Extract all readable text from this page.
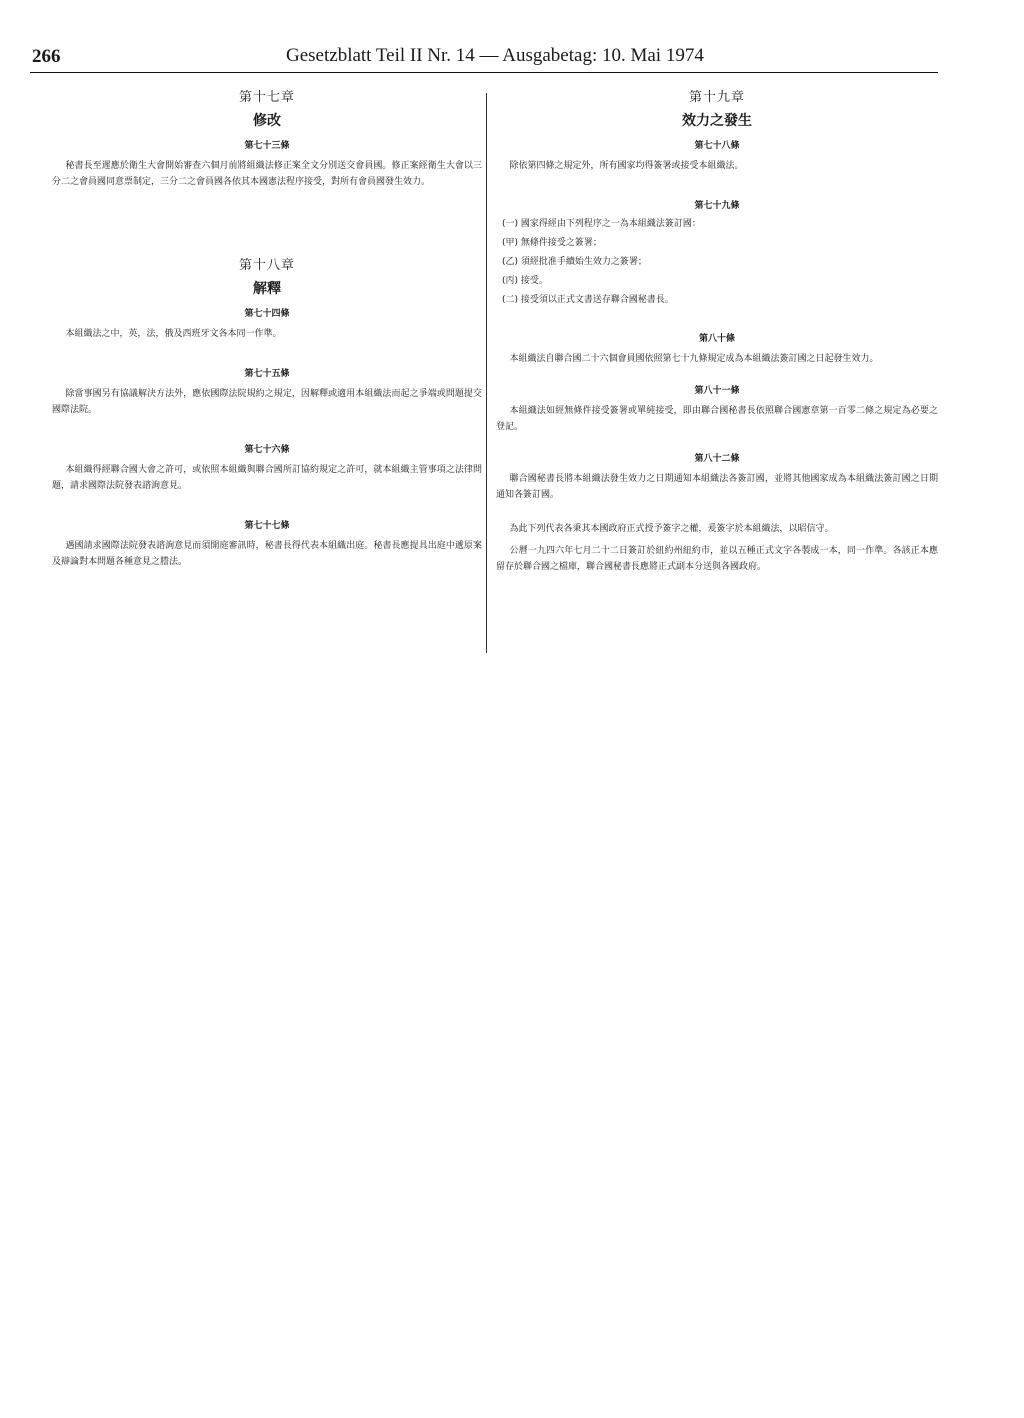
266	Gesetzblatt Teil II Nr. 14 — Ausgabetag: 10. Mai 1974
第十七章
修改
第七十三條
秘書長至遲應於衛生大會開始審查六個月前將組織法修正案全文分別送交會員國。修正案經衛生大會以三分二之會員國同意票制定，三分二之會員國各依其本國憲法程序接受，對所有會員國發生效力。
第十八章
解釋
第七十四條
本組織法之中，英，法，俄及西班牙文各本同一作準。
第七十五條
除當事國另有協議解決方法外，應依國際法院規約之規定，因解釋或適用本組織法而起之爭端或問題提交國際法院。
第七十六條
本組織得經聯合國大會之許可，或依照本組織與聯合國所訂協約規定之許可，就本組織主管事項之法律問題，請求國際法院發表諮詢意見。
第七十七條
遇國請求國際法院發表諮詢意見而須開庭審訊時，秘書長得代表本組織出庭。秘書長應提具出庭中遞原案及辯論對本問題各種意見之謄法。
第十九章
效力之發生
第七十八條
除依第四條之規定外，所有國家均得簽署或接受本組織法。
第七十九條
(一) 國家得經由下列程序之一為本組織法簽訂國：
(甲) 無條件接受之簽署；
(乙) 須經批准手續始生效力之簽署；
(丙) 接受。
(二) 接受須以正式文書送存聯合國秘書長。
第八十條
本組織法自聯合國二十六個會員國依照第七十九條規定成為本組織法簽訂國之日起發生效力。
第八十一條
本組織法如經無條件接受簽署或單純接受，即由聯合國秘書長依照聯合國憲章第一百零二條之規定為必要之登記。
第八十二條
聯合國秘書長將本組織法發生效力之日期通知本組織法各簽訂國，並將其他國家成為本組織法簽訂國之日期通知各簽訂國。
為此下列代表各秉其本國政府正式授予簽字之權，爰簽字於本組織法，以昭信守。
公曆一九四六年七月二十二日簽訂於紐約州紐約市，並以五種正式文字各製成一本，同一作準。各該正本應留存於聯合國之檔庫，聯合國秘書長應將正式副本分送與各國政府。
